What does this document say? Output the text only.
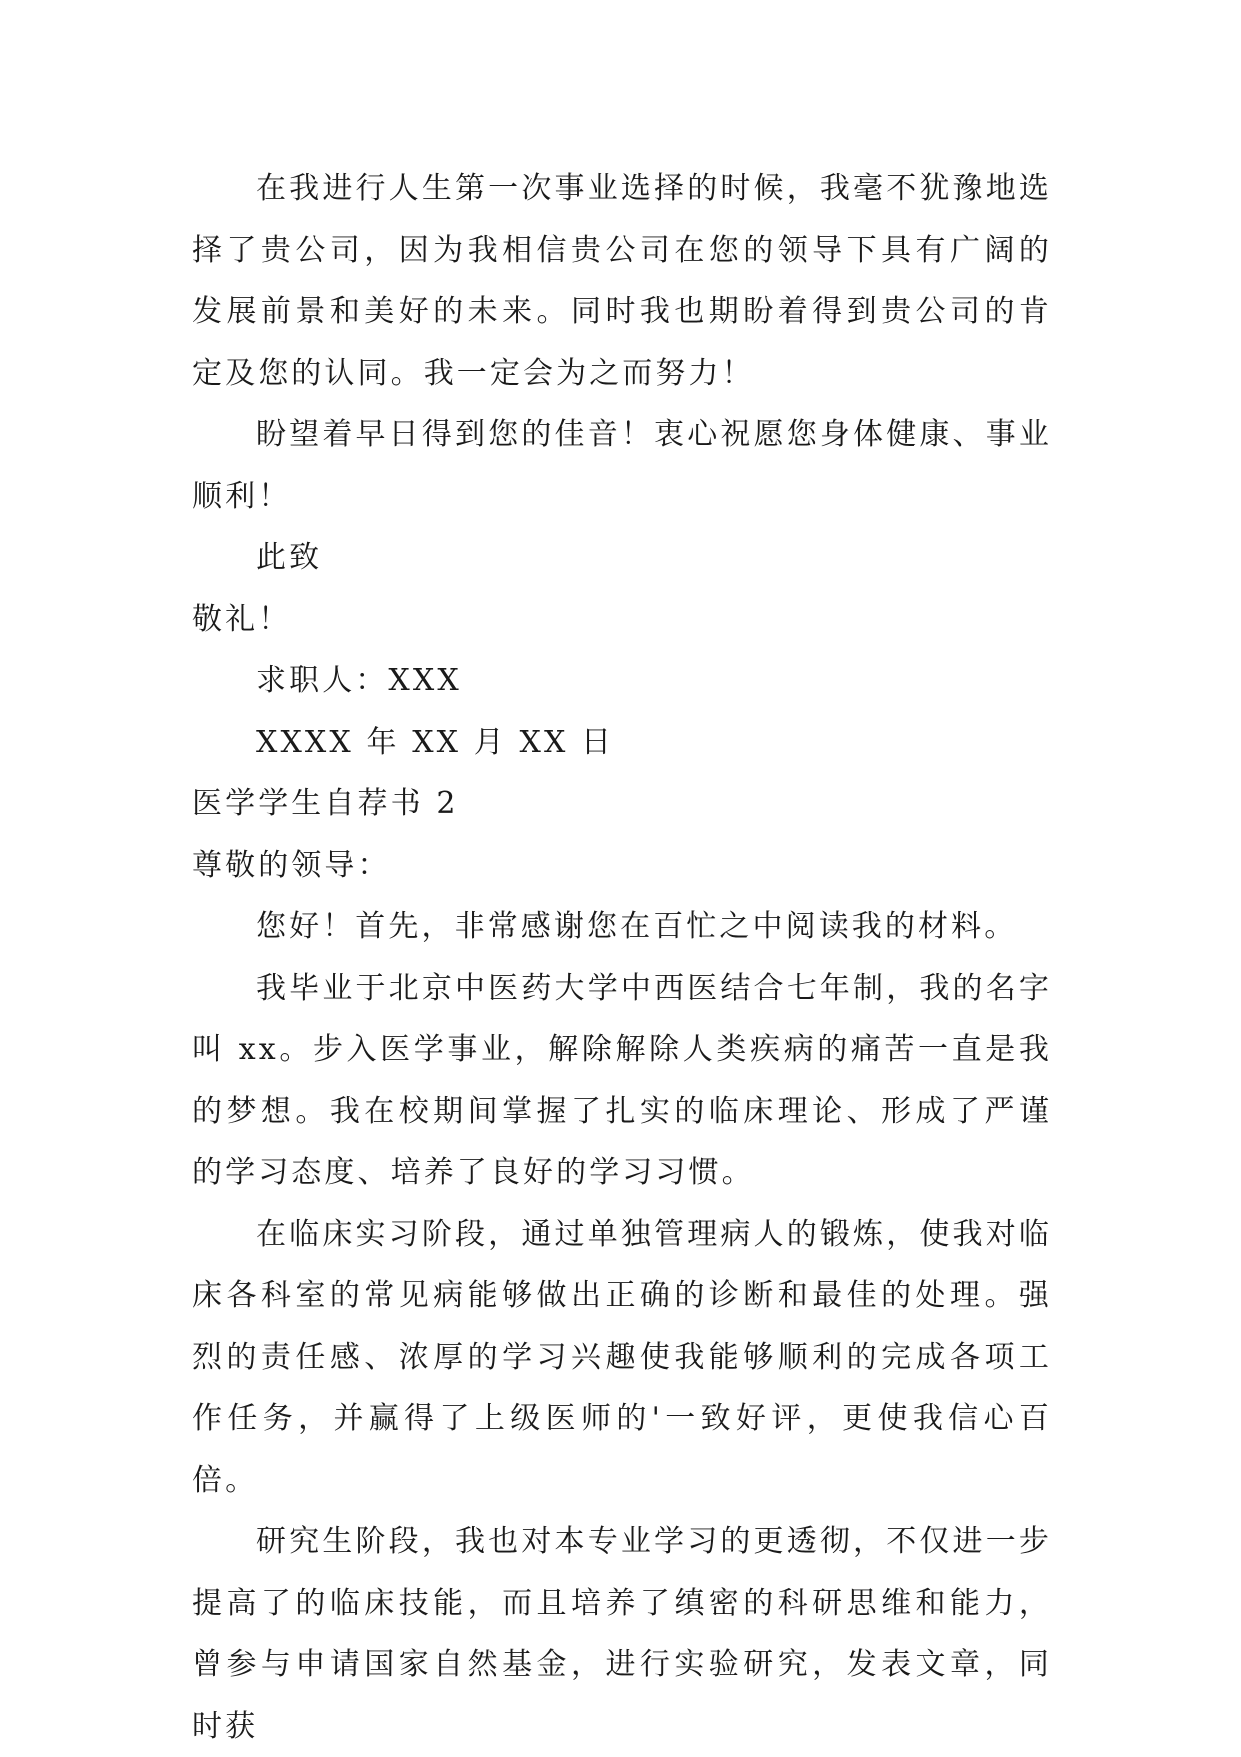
在我进行人生第一次事业选择的时候，我毫不犹豫地选择了贵公司，因为我相信贵公司在您的领导下具有广阔的发展前景和美好的未来。同时我也期盼着得到贵公司的肯定及您的认同。我一定会为之而努力！

盼望着早日得到您的佳音！衷心祝愿您身体健康、事业顺利！

此致

敬礼！

求职人：XXX

XXXX 年 XX 月 XX 日

医学学生自荐书 2

尊敬的领导：

您好！首先，非常感谢您在百忙之中阅读我的材料。

我毕业于北京中医药大学中西医结合七年制，我的名字叫 xx。步入医学事业，解除解除人类疾病的痛苦一直是我的梦想。我在校期间掌握了扎实的临床理论、形成了严谨的学习态度、培养了良好的学习习惯。

在临床实习阶段，通过单独管理病人的锻炼，使我对临床各科室的常见病能够做出正确的诊断和最佳的处理。强烈的责任感、浓厚的学习兴趣使我能够顺利的完成各项工作任务，并赢得了上级医师的'一致好评，更使我信心百倍。

研究生阶段，我也对本专业学习的更透彻，不仅进一步提高了的临床技能，而且培养了缜密的科研思维和能力，曾参与申请国家自然基金，进行实验研究，发表文章，同时获
